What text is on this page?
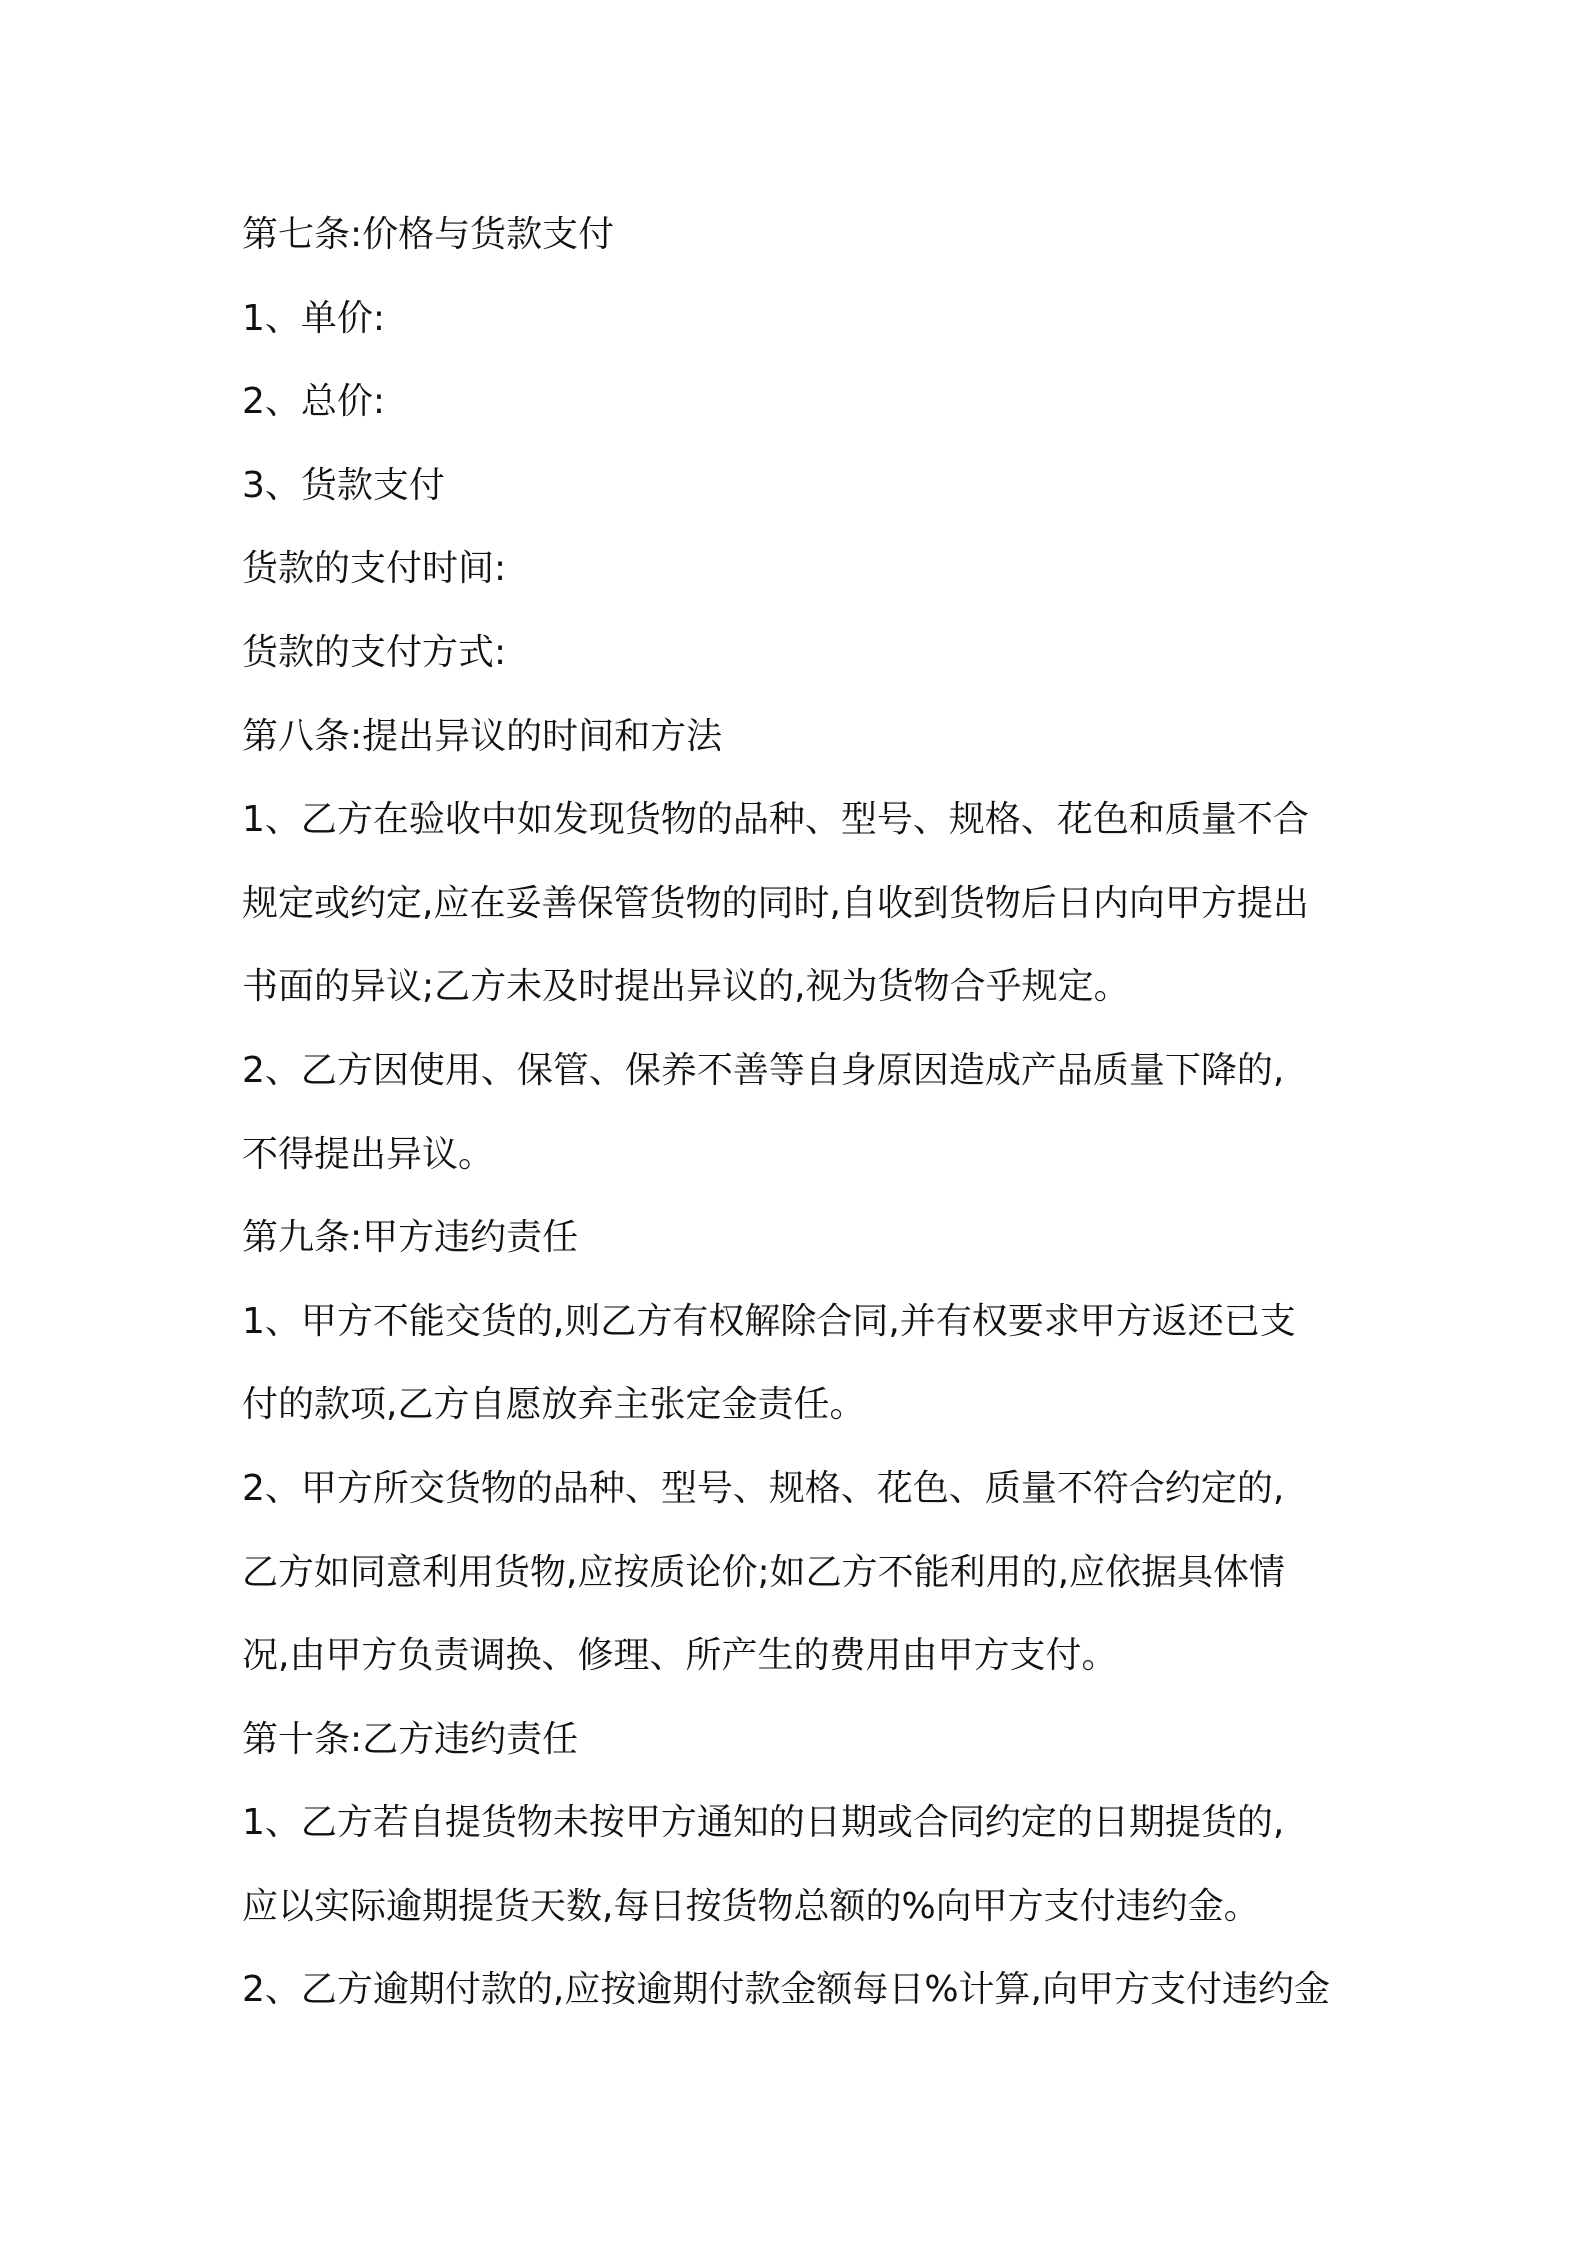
第七条:价格与货款支付

1、单价:

2、总价:

3、货款支付

货款的支付时间:

货款的支付方式:

第八条:提出异议的时间和方法

1、乙方在验收中如发现货物的品种、型号、规格、花色和质量不合

规定或约定,应在妥善保管货物的同时,自收到货物后日内向甲方提出

书面的异议;乙方未及时提出异议的,视为货物合乎规定。

2、乙方因使用、保管、保养不善等自身原因造成产品质量下降的,

不得提出异议。

第九条:甲方违约责任

1、甲方不能交货的,则乙方有权解除合同,并有权要求甲方返还已支

付的款项,乙方自愿放弃主张定金责任。

2、甲方所交货物的品种、型号、规格、花色、质量不符合约定的,

乙方如同意利用货物,应按质论价;如乙方不能利用的,应依据具体情

况,由甲方负责调换、修理、所产生的费用由甲方支付。

第十条:乙方违约责任

1、乙方若自提货物未按甲方通知的日期或合同约定的日期提货的,

应以实际逾期提货天数,每日按货物总额的%向甲方支付违约金。

2、乙方逾期付款的,应按逾期付款金额每日%计算,向甲方支付违约金
